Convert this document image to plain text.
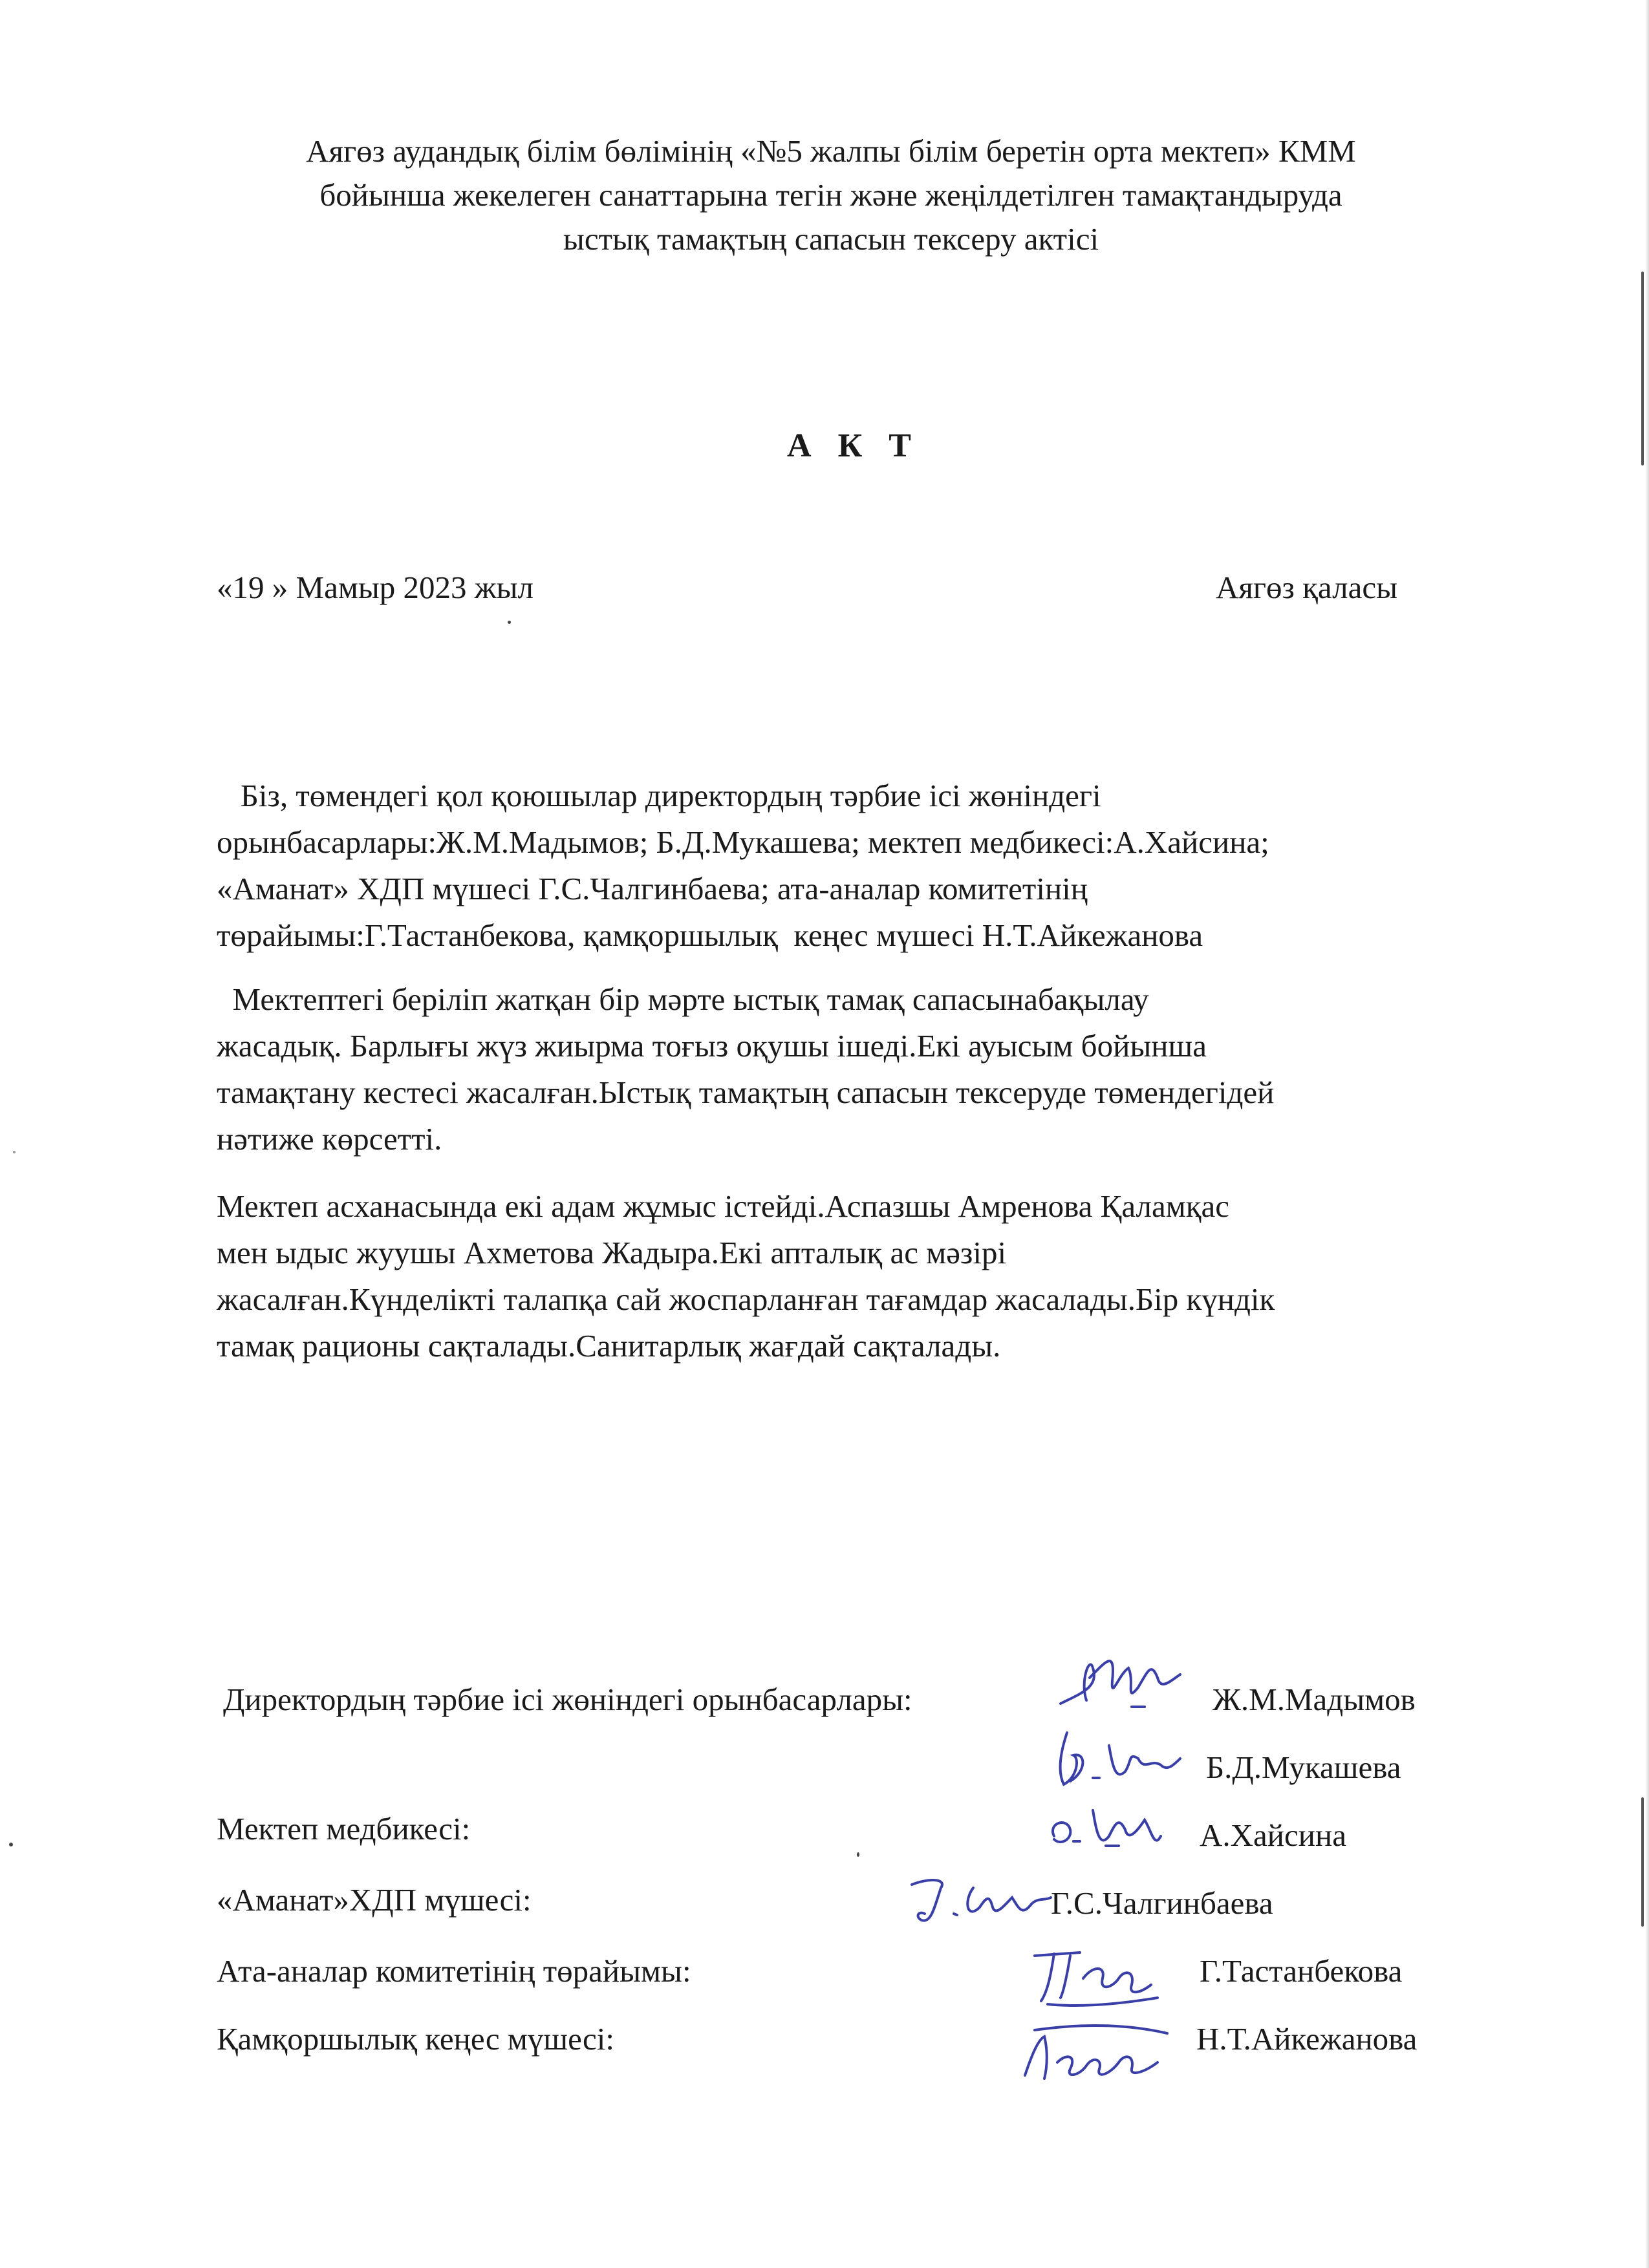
Аягөз аудандық білім бөлімінің «№5 жалпы білім беретін орта мектеп» КММ
бойынша жекелеген санаттарына тегін және жеңілдетілген тамақтандыруда
ыстық тамақтың сапасын тексеру актісі
А К Т
«19 » Мамыр 2023 жыл	Аягөз қаласы
Біз, төмендегі қол қоюшылар директордың тәрбие ісі жөніндегі
орынбасарлары:Ж.М.Мадымов; Б.Д.Мукашева; мектеп медбикесі:А.Хайсина;
«Аманат» ХДП мүшесі Г.С.Чалгинбаева; ата-аналар комитетінің
төрайымы:Г.Тастанбекова, қамқоршылық  кеңес мүшесі Н.Т.Айкежанова
Мектептегі берілiп жатқан бір мәрте ыстық тамақ сапасынабақылау
жасадық. Барлығы жүз жиырма тоғыз оқушы ішеді.Екі ауысым бойынша
тамақтану кестесі жасалған.Ыстық тамақтың сапасын тексеруде төмендегідей
нәтиже көрсетті.
Мектеп асханасында екі адам жұмыс істейді.Аспазшы Амренова Қаламқас
мен ыдыс жуушы Ахметова Жадыра.Екі апталық ас мәзірі
жасалған.Күнделікті талапқа сай жоспарланған тағамдар жасалады.Бір күндік
тамақ рационы сақталады.Санитарлық жағдай сақталады.
Директордың тәрбие ісі жөніндегі орынбасарлары:	Ж.М.Мадымов
Б.Д.Мукашева
Мектеп медбикесі:	А.Хайсина
«Аманат»ХДП мүшесі:	Г.С.Чалгинбаева
Ата-аналар комитетінің төрайымы:	Г.Тастанбекова
Қамқоршылық кеңес мүшесі:	Н.Т.Айкежанова
